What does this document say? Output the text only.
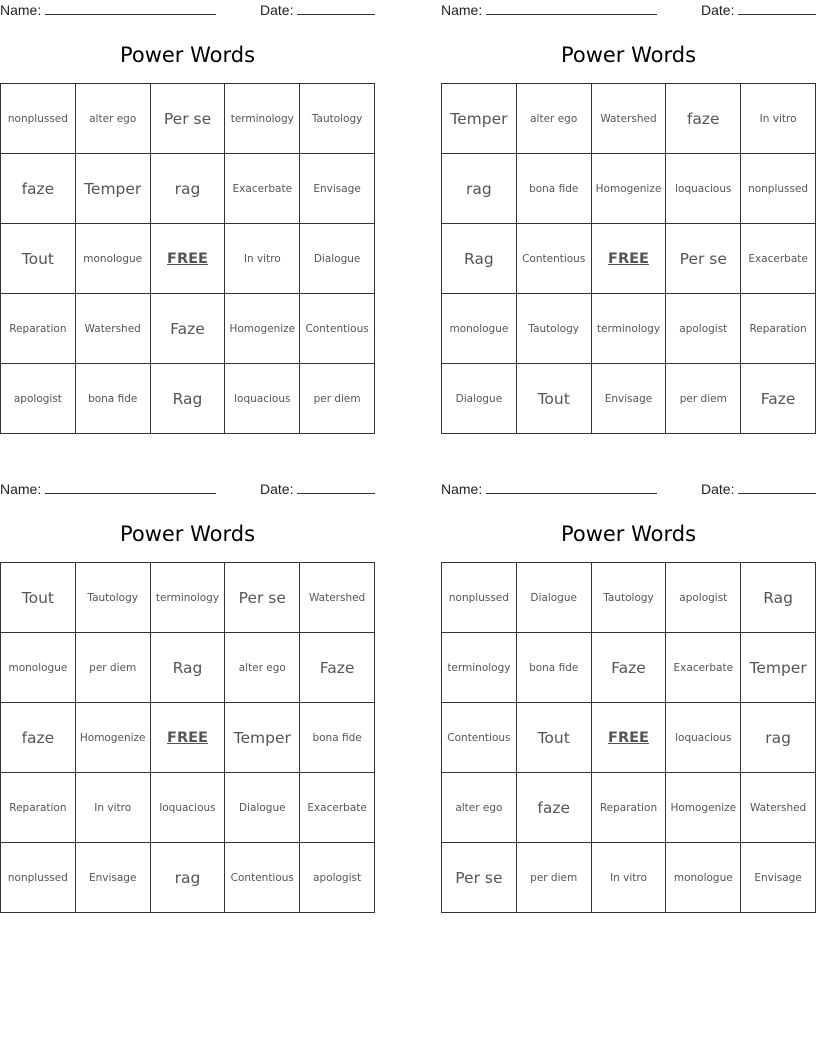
Name:	Date:
Power Words
nonplussed	alter ego	Per se	terminology	Tautology
faze	Temper	rag	Exacerbate	Envisage
Tout	monologue	FREE	In vitro	Dialogue
Reparation	Watershed	Faze	Homogenize	Contentious
apologist	bona fide	Rag	loquacious	per diem
Name:	Date:
Power Words
Temper	alter ego	Watershed	faze	In vitro
rag	bona fide	Homogenize	loquacious	nonplussed
Rag	Contentious	FREE	Per se	Exacerbate
monologue	Tautology	terminology	apologist	Reparation
Dialogue	Tout	Envisage	per diem	Faze
Name:	Date:
Power Words
Tout	Tautology	terminology	Per se	Watershed
monologue	per diem	Rag	alter ego	Faze
faze	Homogenize	FREE	Temper	bona fide
Reparation	In vitro	loquacious	Dialogue	Exacerbate
nonplussed	Envisage	rag	Contentious	apologist
Name:	Date:
Power Words
nonplussed	Dialogue	Tautology	apologist	Rag
terminology	bona fide	Faze	Exacerbate	Temper
Contentious	Tout	FREE	loquacious	rag
alter ego	faze	Reparation	Homogenize	Watershed
Per se	per diem	In vitro	monologue	Envisage
